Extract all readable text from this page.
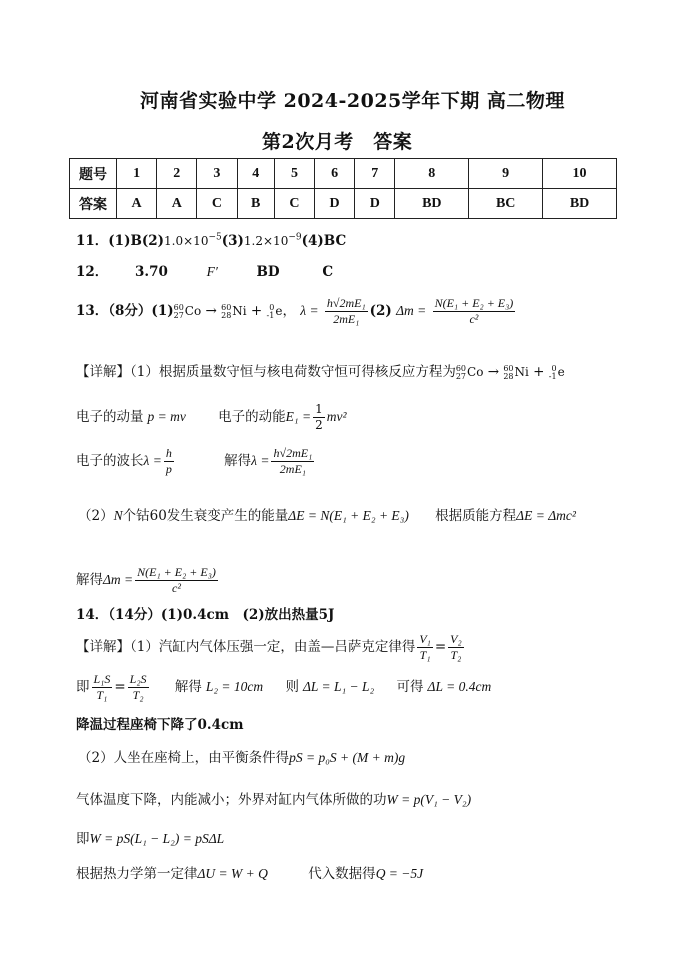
河南省实验中学 2024-2025学年下期 高二物理
第2次月考　答案
题号	1	2	3	4	5	6	7	8	9	10
答案	A	A	C	B	C	D	D	BD	BC	BD
11．$(1)B(2)1.0\times 10^{-5}(3)1.2\times 10^{-9}(4)BC$
12． 3.70	F′	BD	C
13．（8分）(1) 60
27 Co → 60
28 Ni + 0
-1 e， $\lambda = \frac{\text{h√2mE₁}}{\text{2mE₁}} (2) \Delta m = \frac{\text{N(E₁ + E₂ + E₃)}}{\text{c²}}$
【详解】（1）根据质量数守恒与核电荷数守恒可得核反应方程为 60
27 Co → 60
28 Ni + 0
-1 e
电子的动量 p = mv 电子的动能$E_1 = \frac{1}{2} mv^2$
电子的波长$\lambda = \frac{h}{p}$	解得$\lambda = \frac{\text{h√2mE₁}}{\text{2mE₁}}$
（2）N个钴60发生衰变产生的能量ΔE = N(E₁ + E₂ + E₃) 根据质能方程ΔE = Δmc²
解得$\Delta m = \frac{\text{N(E₁ + E₂ + E₃)}}{\text{c²}}$
14．（14分）(1)0.4cm　(2)放出热量5J
【详解】（1）汽缸内气体压强一定，由盖—吕萨克定律得 $\frac{\text{V₁}}{\text{T₁}} = \frac{\text{V₂}}{\text{T₂}}$
即 $\frac{\text{L₁S}}{\text{T₁}} = \frac{\text{L₂S}}{\text{T₂}}$ 解得 L₂ = 10cm 则 ΔL = L₁ − L₂ 可得 ΔL = 0.4cm
降温过程座椅下降了0.4cm
（2）人坐在座椅上，由平衡条件得pS = p₀S + (M + m)g
气体温度下降，内能减小；外界对缸内气体所做的功W = p(V₁ − V₂)
即W = pS(L₁ − L₂) = pSΔL
根据热力学第一定律ΔU = W + Q	代入数据得Q = −5J
